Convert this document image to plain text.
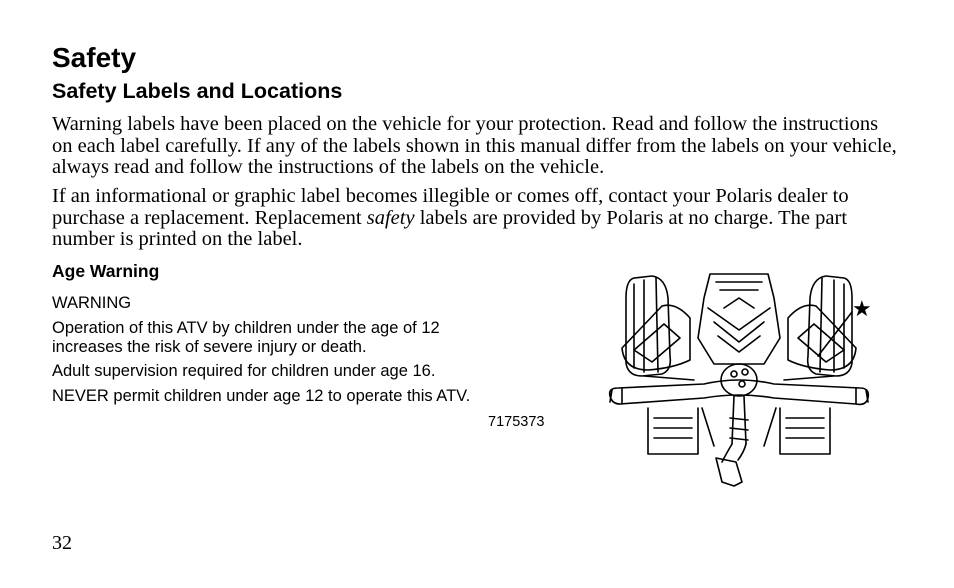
Safety
Safety Labels and Locations

Warning labels have been placed on the vehicle for your protection. Read and follow the instructions on each label carefully. If any of the labels shown in this manual differ from the labels on your vehicle, always read and follow the instructions of the labels on the vehicle.

If an informational or graphic label becomes illegible or comes off, contact your Polaris dealer to purchase a replacement. Replacement safety labels are provided by Polaris at no charge. The part number is printed on the label.

Age Warning

WARNING

Operation of this ATV by children under the age of 12 increases the risk of severe injury or death.

Adult supervision required for children under age 16.

NEVER permit children under age 12 to operate this ATV.

7175373

★

32
